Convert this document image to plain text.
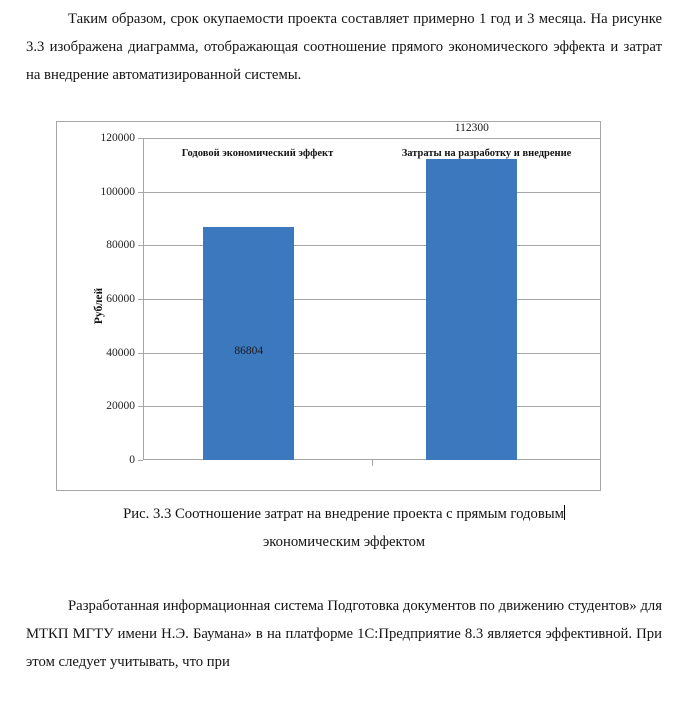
Таким образом, срок окупаемости проекта составляет примерно 1 год и 3 месяца. На рисунке 3.3 изображена диаграмма, отображающая соотношение прямого экономического эффекта и затрат на внедрение автоматизированной системы.
Рублей
120000
100000
80000
60000
40000
20000
0
86804
112300
Годовой экономический эффект	Затраты на разработку и внедрение
Рис. 3.3 Соотношение затрат на внедрение проекта с прямым годовым
экономическим эффектом
Разработанная информационная система Подготовка документов по движению студентов» для МТКП МГТУ имени Н.Э. Баумана» в на платформе 1С:Предприятие 8.3 является эффективной. При этом следует учитывать, что при
